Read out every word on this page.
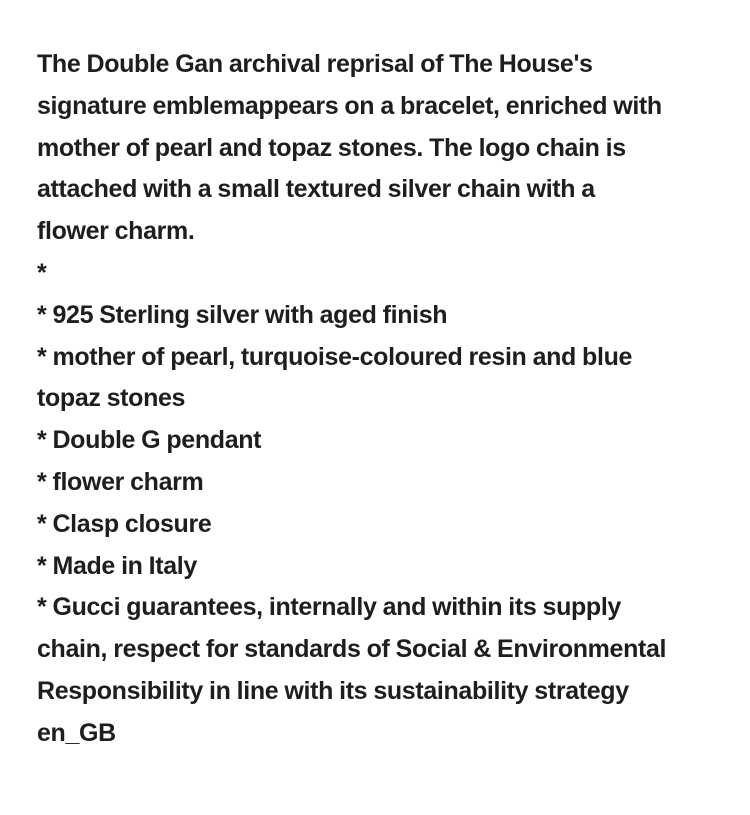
The Double Gan archival reprisal of The House's
signature emblemappears on a bracelet, enriched with
mother of pearl and topaz stones. The logo chain is
attached with a small textured silver chain with a
flower charm.
*
* 925 Sterling silver with aged finish
* mother of pearl, turquoise-coloured resin and blue
topaz stones
* Double G pendant
* flower charm
* Clasp closure
* Made in Italy
* Gucci guarantees, internally and within its supply
chain, respect for standards of Social & Environmental
Responsibility in line with its sustainability strategy
en_GB
